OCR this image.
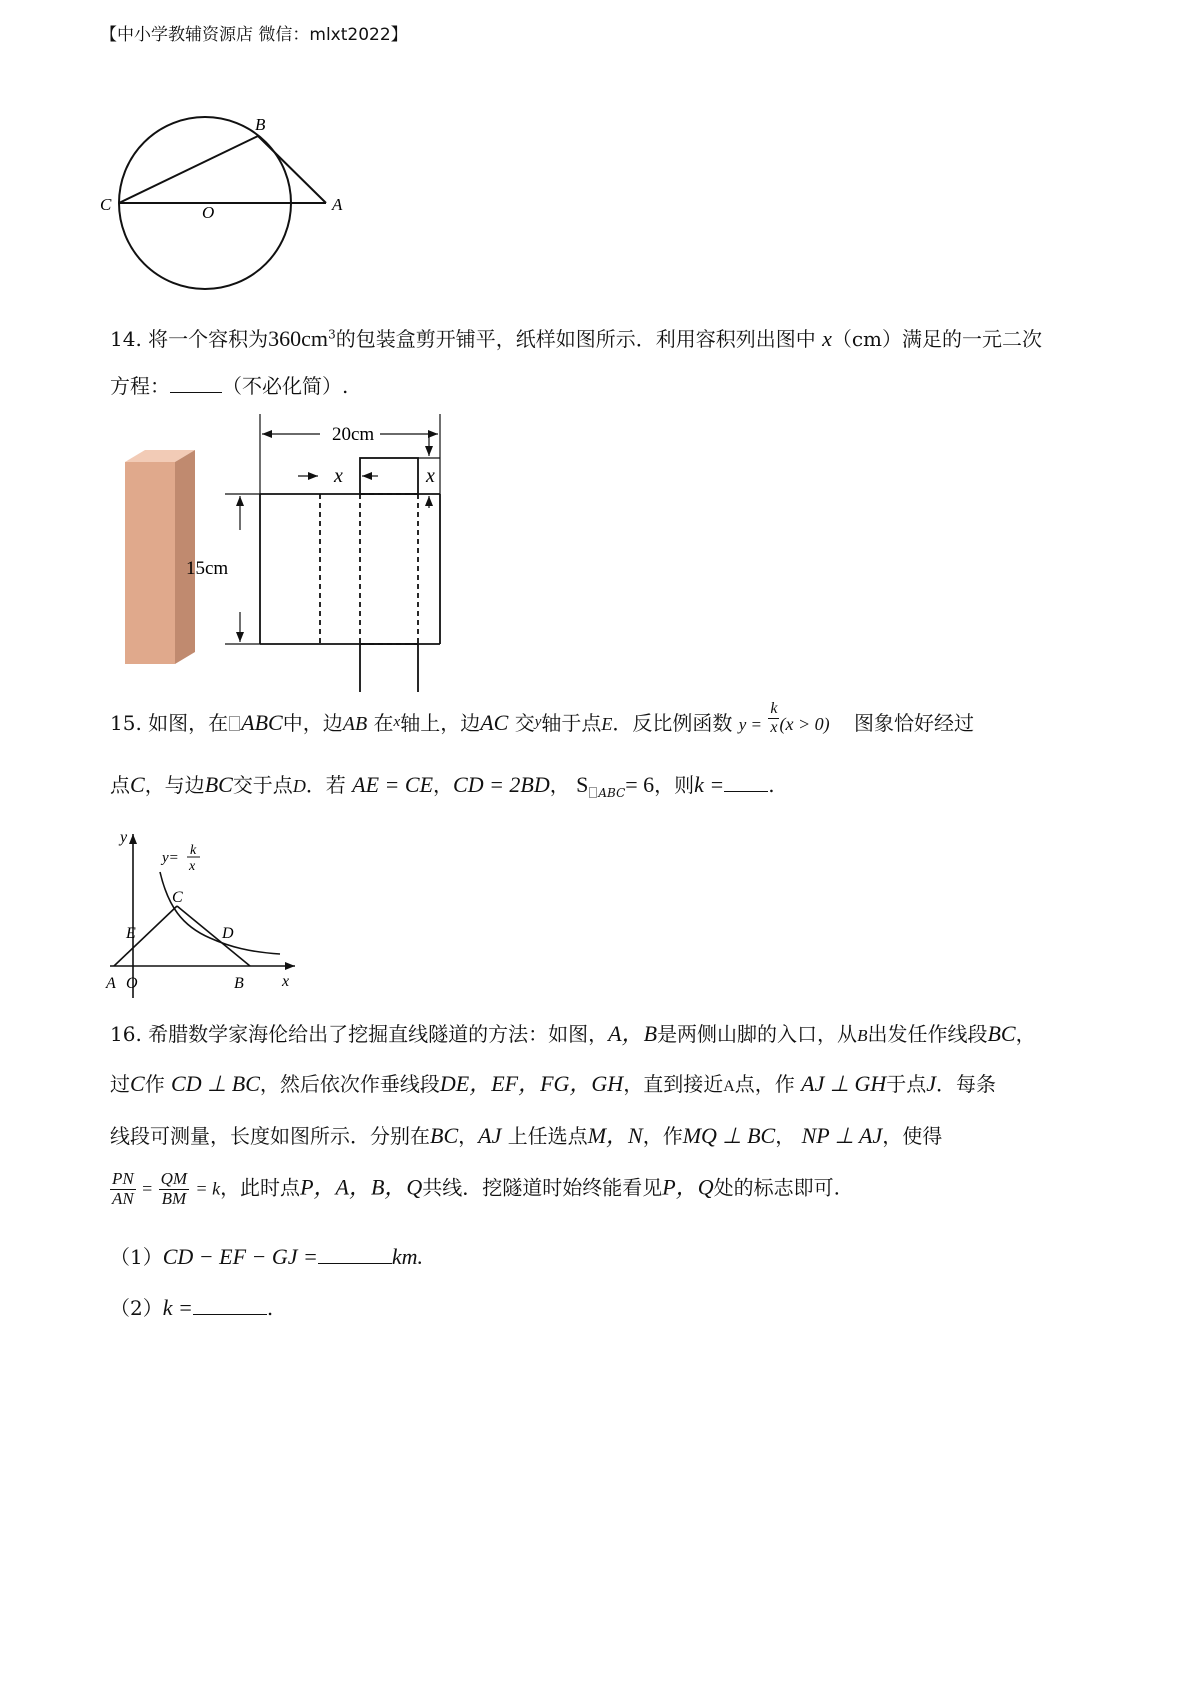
【中小学教辅资源店 微信：mlxt2022】
B
C	O	A
14. 将一个容积为$360cm^3$的包装盒剪开铺平，纸样如图所示．利用容积列出图中 x（cm）满足的一元二次
方程：	（不必化简）.
20cm
15cm
x	x
15. 如图，在 ABC中，边AB 在$^x$轴上，边AC 交$^y$轴于点E．反比例函数 $y = \frac{k}{x} (x > 0)$ 图象恰好经过
点C，与边BC交于点D．若 AE = CE，CD = 2BD， S $_{ABC}$= 6，则k = .
y
x
y= k
x
C
E	D
A O	B
16. 希腊数学家海伦给出了挖掘直线隧道的方法：如图，A，B是两侧山脚的入口，从B出发任作线段BC，
过C作 CD ⊥ BC，然后依次作垂线段DE，EF，FG，GH，直到接近A点，作 AJ ⊥ GH于点J．每条
线段可测量，长度如图所示．分别在BC，AJ 上任选点M，N，作MQ ⊥ BC， NP ⊥ AJ，使得
$\frac{PN}{AN} = \frac{QM}{BM} = k$，此时点P，A，B，Q共线．挖隧道时始终能看见P，Q处的标志即可.
（1）CD − EF − GJ =	km.
（2）k =	.
